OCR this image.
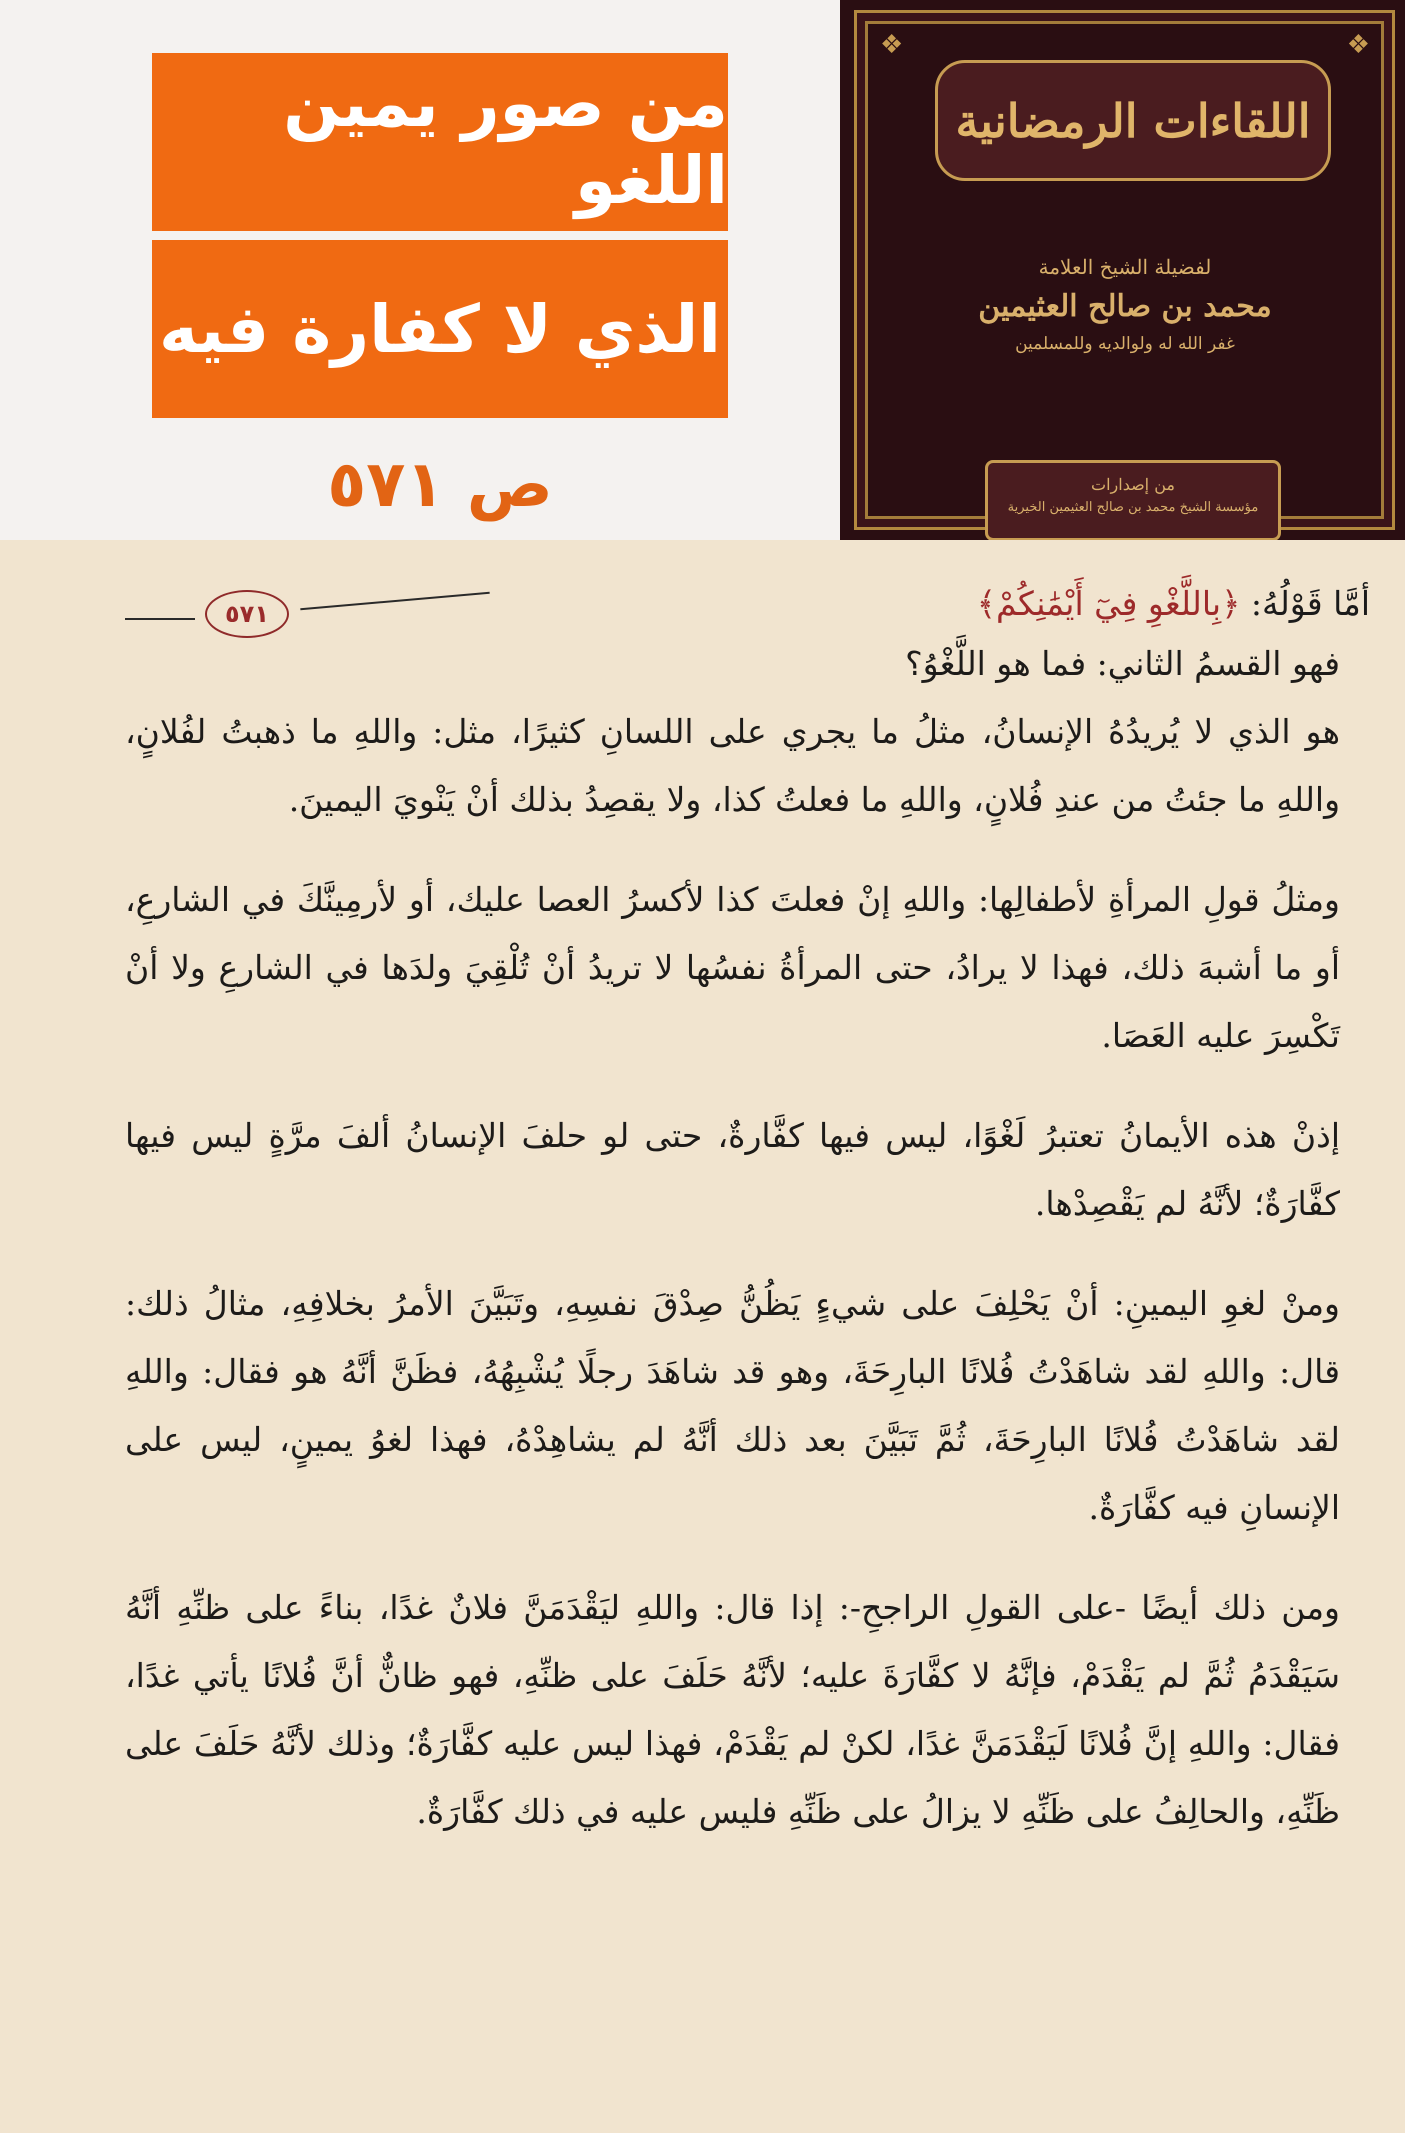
من صور يمين اللغو
الذي لا كفارة فيه
ص ٥٧١
❖	❖
اللقاءات الرمضانية
لفضيلة الشيخ العلامة
محمد بن صالح العثيمين
غفر الله له ولوالديه وللمسلمين
من إصدارات
مؤسسة الشيخ محمد بن صالح العثيمين الخيرية
٥٧١	أمَّا قَوْلُهُ: ﴿بِاللَّغْوِ فِيٓ أَيْمَٰنِكُمْ﴾

فهو القسمُ الثاني: فما هو اللَّغْوُ؟

هو الذي لا يُريدُهُ الإنسانُ، مثلُ ما يجري على اللسانِ كثيرًا، مثل: واللهِ ما ذهبتُ لفُلانٍ، واللهِ ما جئتُ من عندِ فُلانٍ، واللهِ ما فعلتُ كذا، ولا يقصِدُ بذلك أنْ يَنْويَ اليمينَ.

ومثلُ قولِ المرأةِ لأطفالِها: واللهِ إنْ فعلتَ كذا لأكسرُ العصا عليك، أو لأرمِينَّكَ في الشارعِ، أو ما أشبهَ ذلك، فهذا لا يرادُ، حتى المرأةُ نفسُها لا تريدُ أنْ تُلْقِيَ ولدَها في الشارعِ ولا أنْ تَكْسِرَ عليه العَصَا.

إذنْ هذه الأيمانُ تعتبرُ لَغْوًا، ليس فيها كفَّارةٌ، حتى لو حلفَ الإنسانُ ألفَ مرَّةٍ ليس فيها كفَّارَةٌ؛ لأنَّهُ لم يَقْصِدْها.

ومنْ لغوِ اليمينِ: أنْ يَحْلِفَ على شيءٍ يَظُنُّ صِدْقَ نفسِهِ، وتَبَيَّنَ الأمرُ بخلافِهِ، مثالُ ذلك: قال: واللهِ لقد شاهَدْتُ فُلانًا البارِحَةَ، وهو قد شاهَدَ رجلًا يُشْبِهُهُ، فظَنَّ أنَّهُ هو فقال: واللهِ لقد شاهَدْتُ فُلانًا البارِحَةَ، ثُمَّ تَبَيَّنَ بعد ذلك أنَّهُ لم يشاهِدْهُ، فهذا لغوُ يمينٍ، ليس على الإنسانِ فيه كفَّارَةٌ.

ومن ذلك أيضًا -على القولِ الراجحِ-: إذا قال: واللهِ ليَقْدَمَنَّ فلانٌ غدًا، بناءً على ظنِّهِ أنَّهُ سَيَقْدَمُ ثُمَّ لم يَقْدَمْ، فإنَّهُ لا كفَّارَةَ عليه؛ لأنَّهُ حَلَفَ على ظنِّهِ، فهو ظانٌّ أنَّ فُلانًا يأتي غدًا، فقال: واللهِ إنَّ فُلانًا لَيَقْدَمَنَّ غدًا، لكنْ لم يَقْدَمْ، فهذا ليس عليه كفَّارَةٌ؛ وذلك لأنَّهُ حَلَفَ على ظَنِّهِ، والحالِفُ على ظَنِّهِ لا يزالُ على ظَنِّهِ فليس عليه في ذلك كفَّارَةٌ.
